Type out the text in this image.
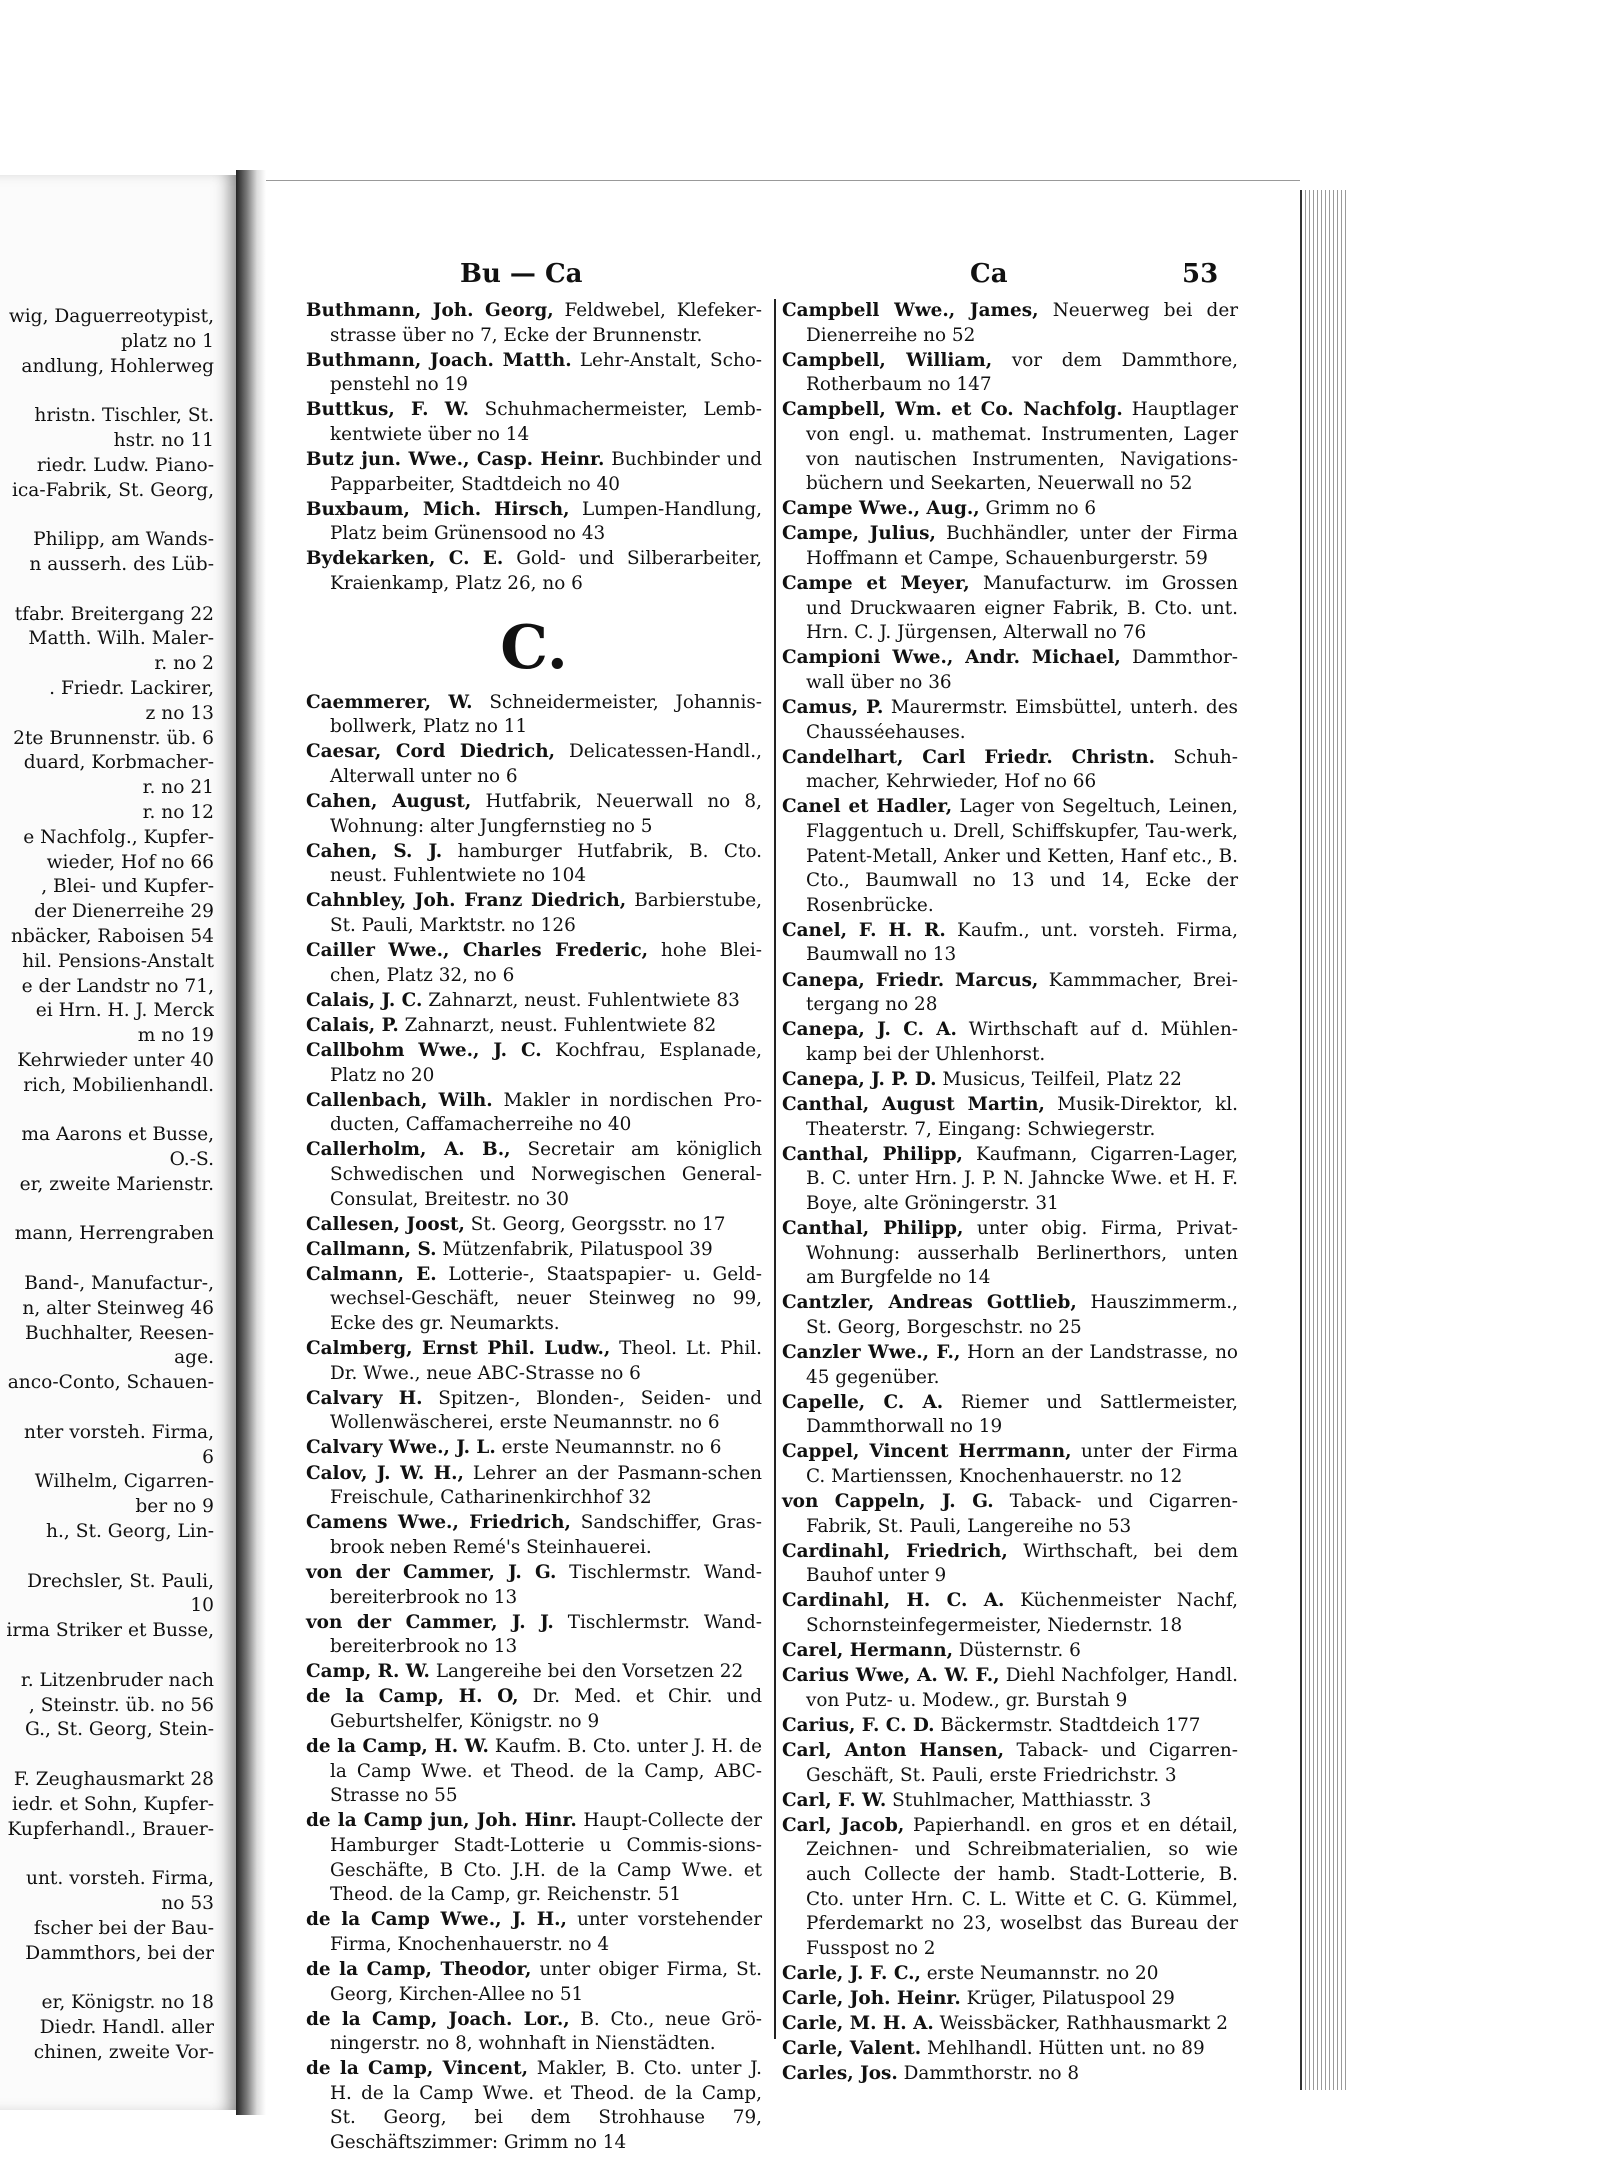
wig, Daguerreotypist,
platz no 1
andlung, Hohlerweg

hristn. Tischler, St.
hstr. no 11
riedr. Ludw. Piano-
ica-Fabrik, St. Georg,

Philipp, am Wands-
n ausserh. des Lüb-

tfabr. Breitergang 22
Matth. Wilh. Maler-
r. no 2
. Friedr. Lackirer,
z no 13
2te Brunnenstr. üb. 6
duard, Korbmacher-
r. no 21
r. no 12
e Nachfolg., Kupfer-
wieder, Hof no 66
, Blei- und Kupfer-
der Dienerreihe 29
nbäcker, Raboisen 54
hil. Pensions-Anstalt
e der Landstr no 71,
ei Hrn. H. J. Merck
m no 19
Kehrwieder unter 40
rich, Mobilienhandl.

ma Aarons et Busse,
O.-S.
er, zweite Marienstr.

mann, Herrengraben

Band-, Manufactur-,
n, alter Steinweg 46
Buchhalter, Reesen-
age.
anco-Conto, Schauen-

nter vorsteh. Firma,
6
Wilhelm, Cigarren-
ber no 9
h., St. Georg, Lin-

Drechsler, St. Pauli,
10
irma Striker et Busse,

r. Litzenbruder nach
, Steinstr. üb. no 56
G., St. Georg, Stein-

F. Zeughausmarkt 28
iedr. et Sohn, Kupfer-
Kupferhandl., Brauer-

unt. vorsteh. Firma,
no 53
fscher bei der Bau-
Dammthors, bei der

er, Königstr. no 18
Diedr. Handl. aller
chinen, zweite Vor-
Bu — Ca	Ca	53
Buthmann, Joh. Georg, Feldwebel, Klefeker-strasse über no 7, Ecke der Brunnenstr.
Buthmann, Joach. Matth. Lehr-Anstalt, Scho-penstehl no 19
Buttkus, F. W. Schuhmachermeister, Lemb-kentwiete über no 14
Butz jun. Wwe., Casp. Heinr. Buchbinder und Papparbeiter, Stadtdeich no 40
Buxbaum, Mich. Hirsch, Lumpen-Handlung, Platz beim Grünensood no 43
Bydekarken, C. E. Gold- und Silberarbeiter, Kraienkamp, Platz 26, no 6
C.
Caemmerer, W. Schneidermeister, Johannis-bollwerk, Platz no 11
Caesar, Cord Diedrich, Delicatessen-Handl., Alterwall unter no 6
Cahen, August, Hutfabrik, Neuerwall no 8, Wohnung: alter Jungfernstieg no 5
Cahen, S. J. hamburger Hutfabrik, B. Cto. neust. Fuhlentwiete no 104
Cahnbley, Joh. Franz Diedrich, Barbierstube, St. Pauli, Marktstr. no 126
Cailler Wwe., Charles Frederic, hohe Blei-chen, Platz 32, no 6
Calais, J. C. Zahnarzt, neust. Fuhlentwiete 83
Calais, P. Zahnarzt, neust. Fuhlentwiete 82
Callbohm Wwe., J. C. Kochfrau, Esplanade, Platz no 20
Callenbach, Wilh. Makler in nordischen Pro-ducten, Caffamacherreihe no 40
Callerholm, A. B., Secretair am königlich Schwedischen und Norwegischen General-Consulat, Breitestr. no 30
Callesen, Joost, St. Georg, Georgsstr. no 17
Callmann, S. Mützenfabrik, Pilatuspool 39
Calmann, E. Lotterie-, Staatspapier- u. Geld-wechsel-Geschäft, neuer Steinweg no 99, Ecke des gr. Neumarkts.
Calmberg, Ernst Phil. Ludw., Theol. Lt. Phil. Dr. Wwe., neue ABC-Strasse no 6
Calvary H. Spitzen-, Blonden-, Seiden- und Wollenwäscherei, erste Neumannstr. no 6
Calvary Wwe., J. L. erste Neumannstr. no 6
Calov, J. W. H., Lehrer an der Pasmann-schen Freischule, Catharinenkirchhof 32
Camens Wwe., Friedrich, Sandschiffer, Gras-brook neben Remé's Steinhauerei.
von der Cammer, J. G. Tischlermstr. Wand-bereiterbrook no 13
von der Cammer, J. J. Tischlermstr. Wand-bereiterbrook no 13
Camp, R. W. Langereihe bei den Vorsetzen 22
de la Camp, H. O, Dr. Med. et Chir. und Geburtshelfer, Königstr. no 9
de la Camp, H. W. Kaufm. B. Cto. unter J. H. de la Camp Wwe. et Theod. de la Camp, ABC-Strasse no 55
de la Camp jun, Joh. Hinr. Haupt-Collecte der Hamburger Stadt-Lotterie u Commis-sions-Geschäfte, B Cto. J.H. de la Camp Wwe. et Theod. de la Camp, gr. Reichenstr. 51
de la Camp Wwe., J. H., unter vorstehender Firma, Knochenhauerstr. no 4
de la Camp, Theodor, unter obiger Firma, St. Georg, Kirchen-Allee no 51
de la Camp, Joach. Lor., B. Cto., neue Grö-ningerstr. no 8, wohnhaft in Nienstädten.
de la Camp, Vincent, Makler, B. Cto. unter J. H. de la Camp Wwe. et Theod. de la Camp, St. Georg, bei dem Strohhause 79, Geschäftszimmer: Grimm no 14
Campbell Wwe., James, Neuerweg bei der Dienerreihe no 52
Campbell, William, vor dem Dammthore, Rotherbaum no 147
Campbell, Wm. et Co. Nachfolg. Hauptlager von engl. u. mathemat. Instrumenten, Lager von nautischen Instrumenten, Navigations-büchern und Seekarten, Neuerwall no 52
Campe Wwe., Aug., Grimm no 6
Campe, Julius, Buchhändler, unter der Firma Hoffmann et Campe, Schauenburgerstr. 59
Campe et Meyer, Manufacturw. im Grossen und Druckwaaren eigner Fabrik, B. Cto. unt. Hrn. C. J. Jürgensen, Alterwall no 76
Campioni Wwe., Andr. Michael, Dammthor-wall über no 36
Camus, P. Maurermstr. Eimsbüttel, unterh. des Chausséehauses.
Candelhart, Carl Friedr. Christn. Schuh-macher, Kehrwieder, Hof no 66
Canel et Hadler, Lager von Segeltuch, Leinen, Flaggentuch u. Drell, Schiffskupfer, Tau-werk, Patent-Metall, Anker und Ketten, Hanf etc., B. Cto., Baumwall no 13 und 14, Ecke der Rosenbrücke.
Canel, F. H. R. Kaufm., unt. vorsteh. Firma, Baumwall no 13
Canepa, Friedr. Marcus, Kammmacher, Brei-tergang no 28
Canepa, J. C. A. Wirthschaft auf d. Mühlen-kamp bei der Uhlenhorst.
Canepa, J. P. D. Musicus, Teilfeil, Platz 22
Canthal, August Martin, Musik-Direktor, kl. Theaterstr. 7, Eingang: Schwiegerstr.
Canthal, Philipp, Kaufmann, Cigarren-Lager, B. C. unter Hrn. J. P. N. Jahncke Wwe. et H. F. Boye, alte Gröningerstr. 31
Canthal, Philipp, unter obig. Firma, Privat-Wohnung: ausserhalb Berlinerthors, unten am Burgfelde no 14
Cantzler, Andreas Gottlieb, Hauszimmerm., St. Georg, Borgeschstr. no 25
Canzler Wwe., F., Horn an der Landstrasse, no 45 gegenüber.
Capelle, C. A. Riemer und Sattlermeister, Dammthorwall no 19
Cappel, Vincent Herrmann, unter der Firma C. Martienssen, Knochenhauerstr. no 12
von Cappeln, J. G. Taback- und Cigarren-Fabrik, St. Pauli, Langereihe no 53
Cardinahl, Friedrich, Wirthschaft, bei dem Bauhof unter 9
Cardinahl, H. C. A. Küchenmeister Nachf, Schornsteinfegermeister, Niedernstr. 18
Carel, Hermann, Düsternstr. 6
Carius Wwe, A. W. F., Diehl Nachfolger, Handl. von Putz- u. Modew., gr. Burstah 9
Carius, F. C. D. Bäckermstr. Stadtdeich 177
Carl, Anton Hansen, Taback- und Cigarren-Geschäft, St. Pauli, erste Friedrichstr. 3
Carl, F. W. Stuhlmacher, Matthiasstr. 3
Carl, Jacob, Papierhandl. en gros et en détail, Zeichnen- und Schreibmaterialien, so wie auch Collecte der hamb. Stadt-Lotterie, B. Cto. unter Hrn. C. L. Witte et C. G. Kümmel, Pferdemarkt no 23, woselbst das Bureau der Fusspost no 2
Carle, J. F. C., erste Neumannstr. no 20
Carle, Joh. Heinr. Krüger, Pilatuspool 29
Carle, M. H. A. Weissbäcker, Rathhausmarkt 2
Carle, Valent. Mehlhandl. Hütten unt. no 89
Carles, Jos. Dammthorstr. no 8
